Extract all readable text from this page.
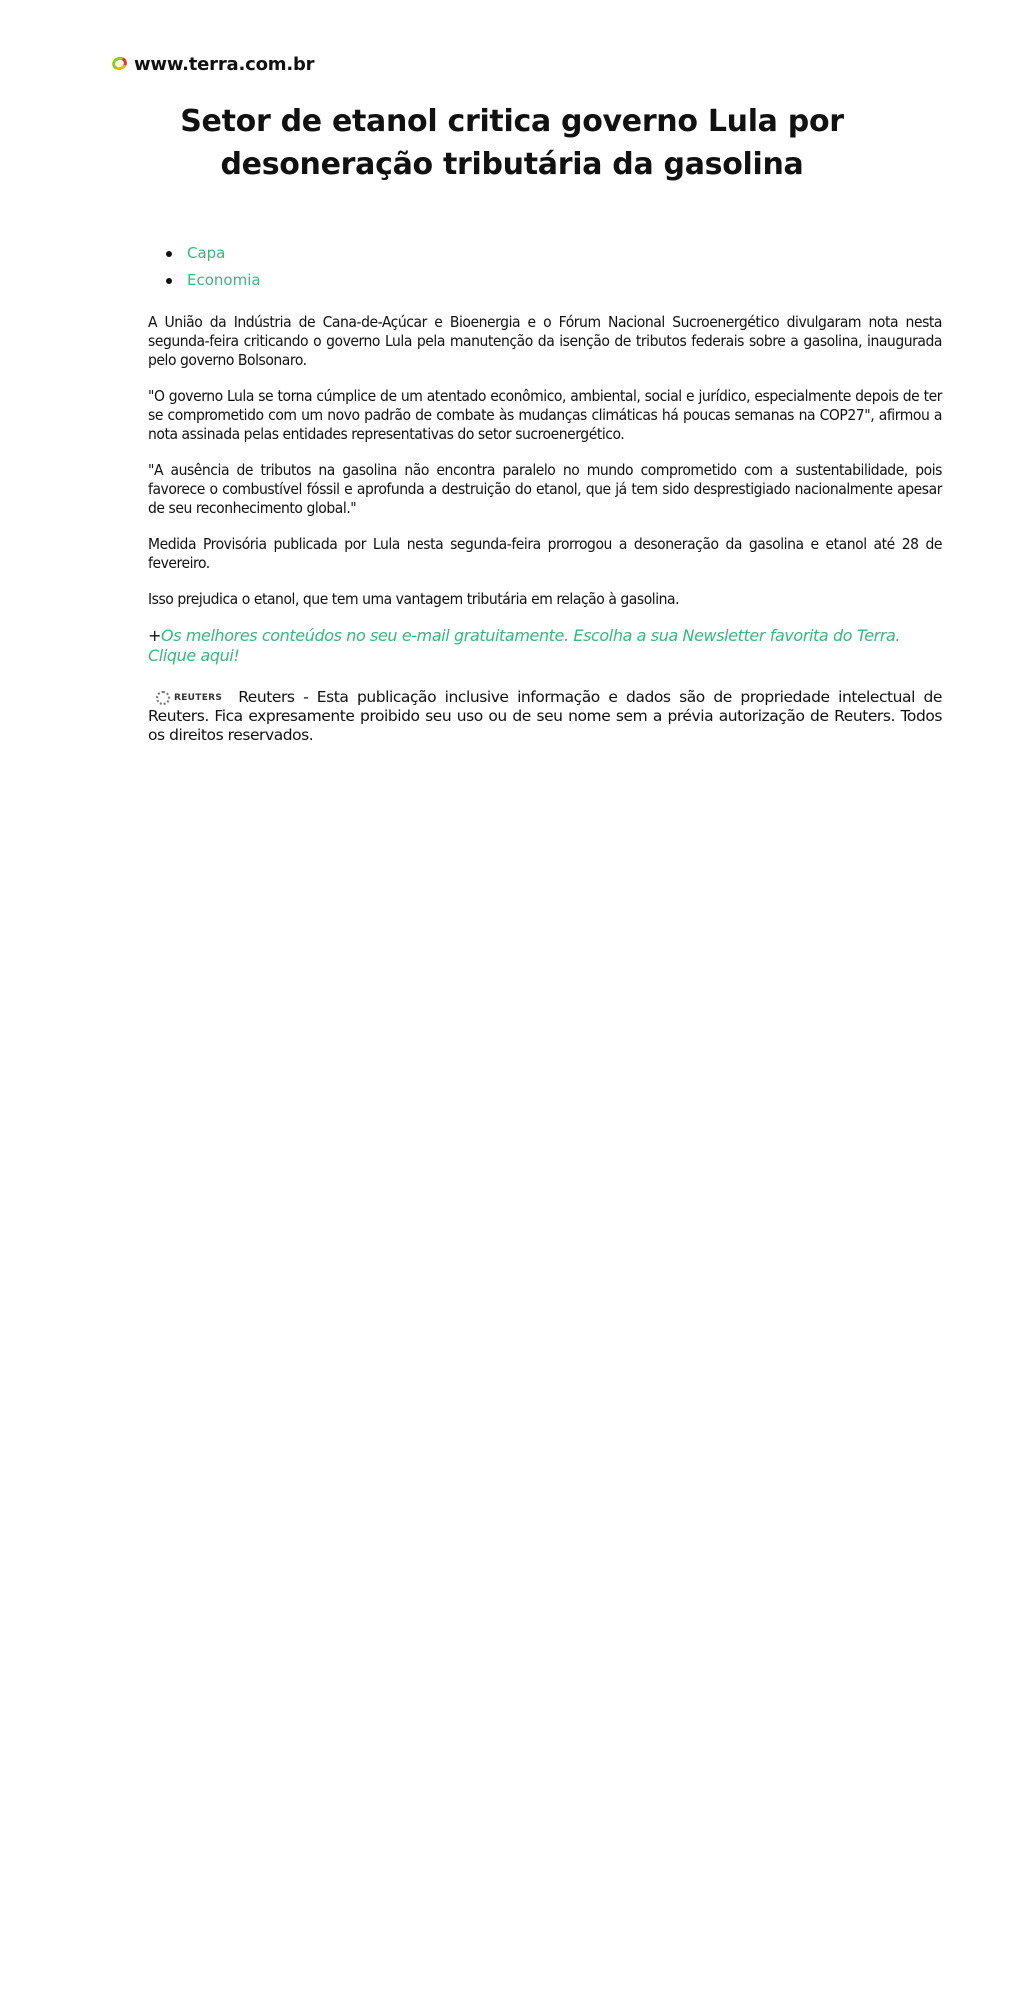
www.terra.com.br
Setor de etanol critica governo Lula por desoneração tributária da gasolina
Capa
Economia

A União da Indústria de Cana-de-Açúcar e Bioenergia e o Fórum Nacional Sucroenergético divulgaram nota nesta segunda-feira criticando o governo Lula pela manutenção da isenção de tributos federais sobre a gasolina, inaugurada pelo governo Bolsonaro.

"O governo Lula se torna cúmplice de um atentado econômico, ambiental, social e jurídico, especialmente depois de ter se comprometido com um novo padrão de combate às mudanças climáticas há poucas semanas na COP27", afirmou a nota assinada pelas entidades representativas do setor sucroenergético.

"A ausência de tributos na gasolina não encontra paralelo no mundo comprometido com a sustentabilidade, pois favorece o combustível fóssil e aprofunda a destruição do etanol, que já tem sido desprestigiado nacionalmente apesar de seu reconhecimento global."

Medida Provisória publicada por Lula nesta segunda-feira prorrogou a desoneração da gasolina e etanol até 28 de fevereiro.

Isso prejudica o etanol, que tem uma vantagem tributária em relação à gasolina.

+Os melhores conteúdos no seu e-mail gratuitamente. Escolha a sua Newsletter favorita do Terra. Clique aqui!

REUTERS Reuters - Esta publicação inclusive informação e dados são de propriedade intelectual de Reuters. Fica expresamente proibido seu uso ou de seu nome sem a prévia autorização de Reuters. Todos os direitos reservados.
